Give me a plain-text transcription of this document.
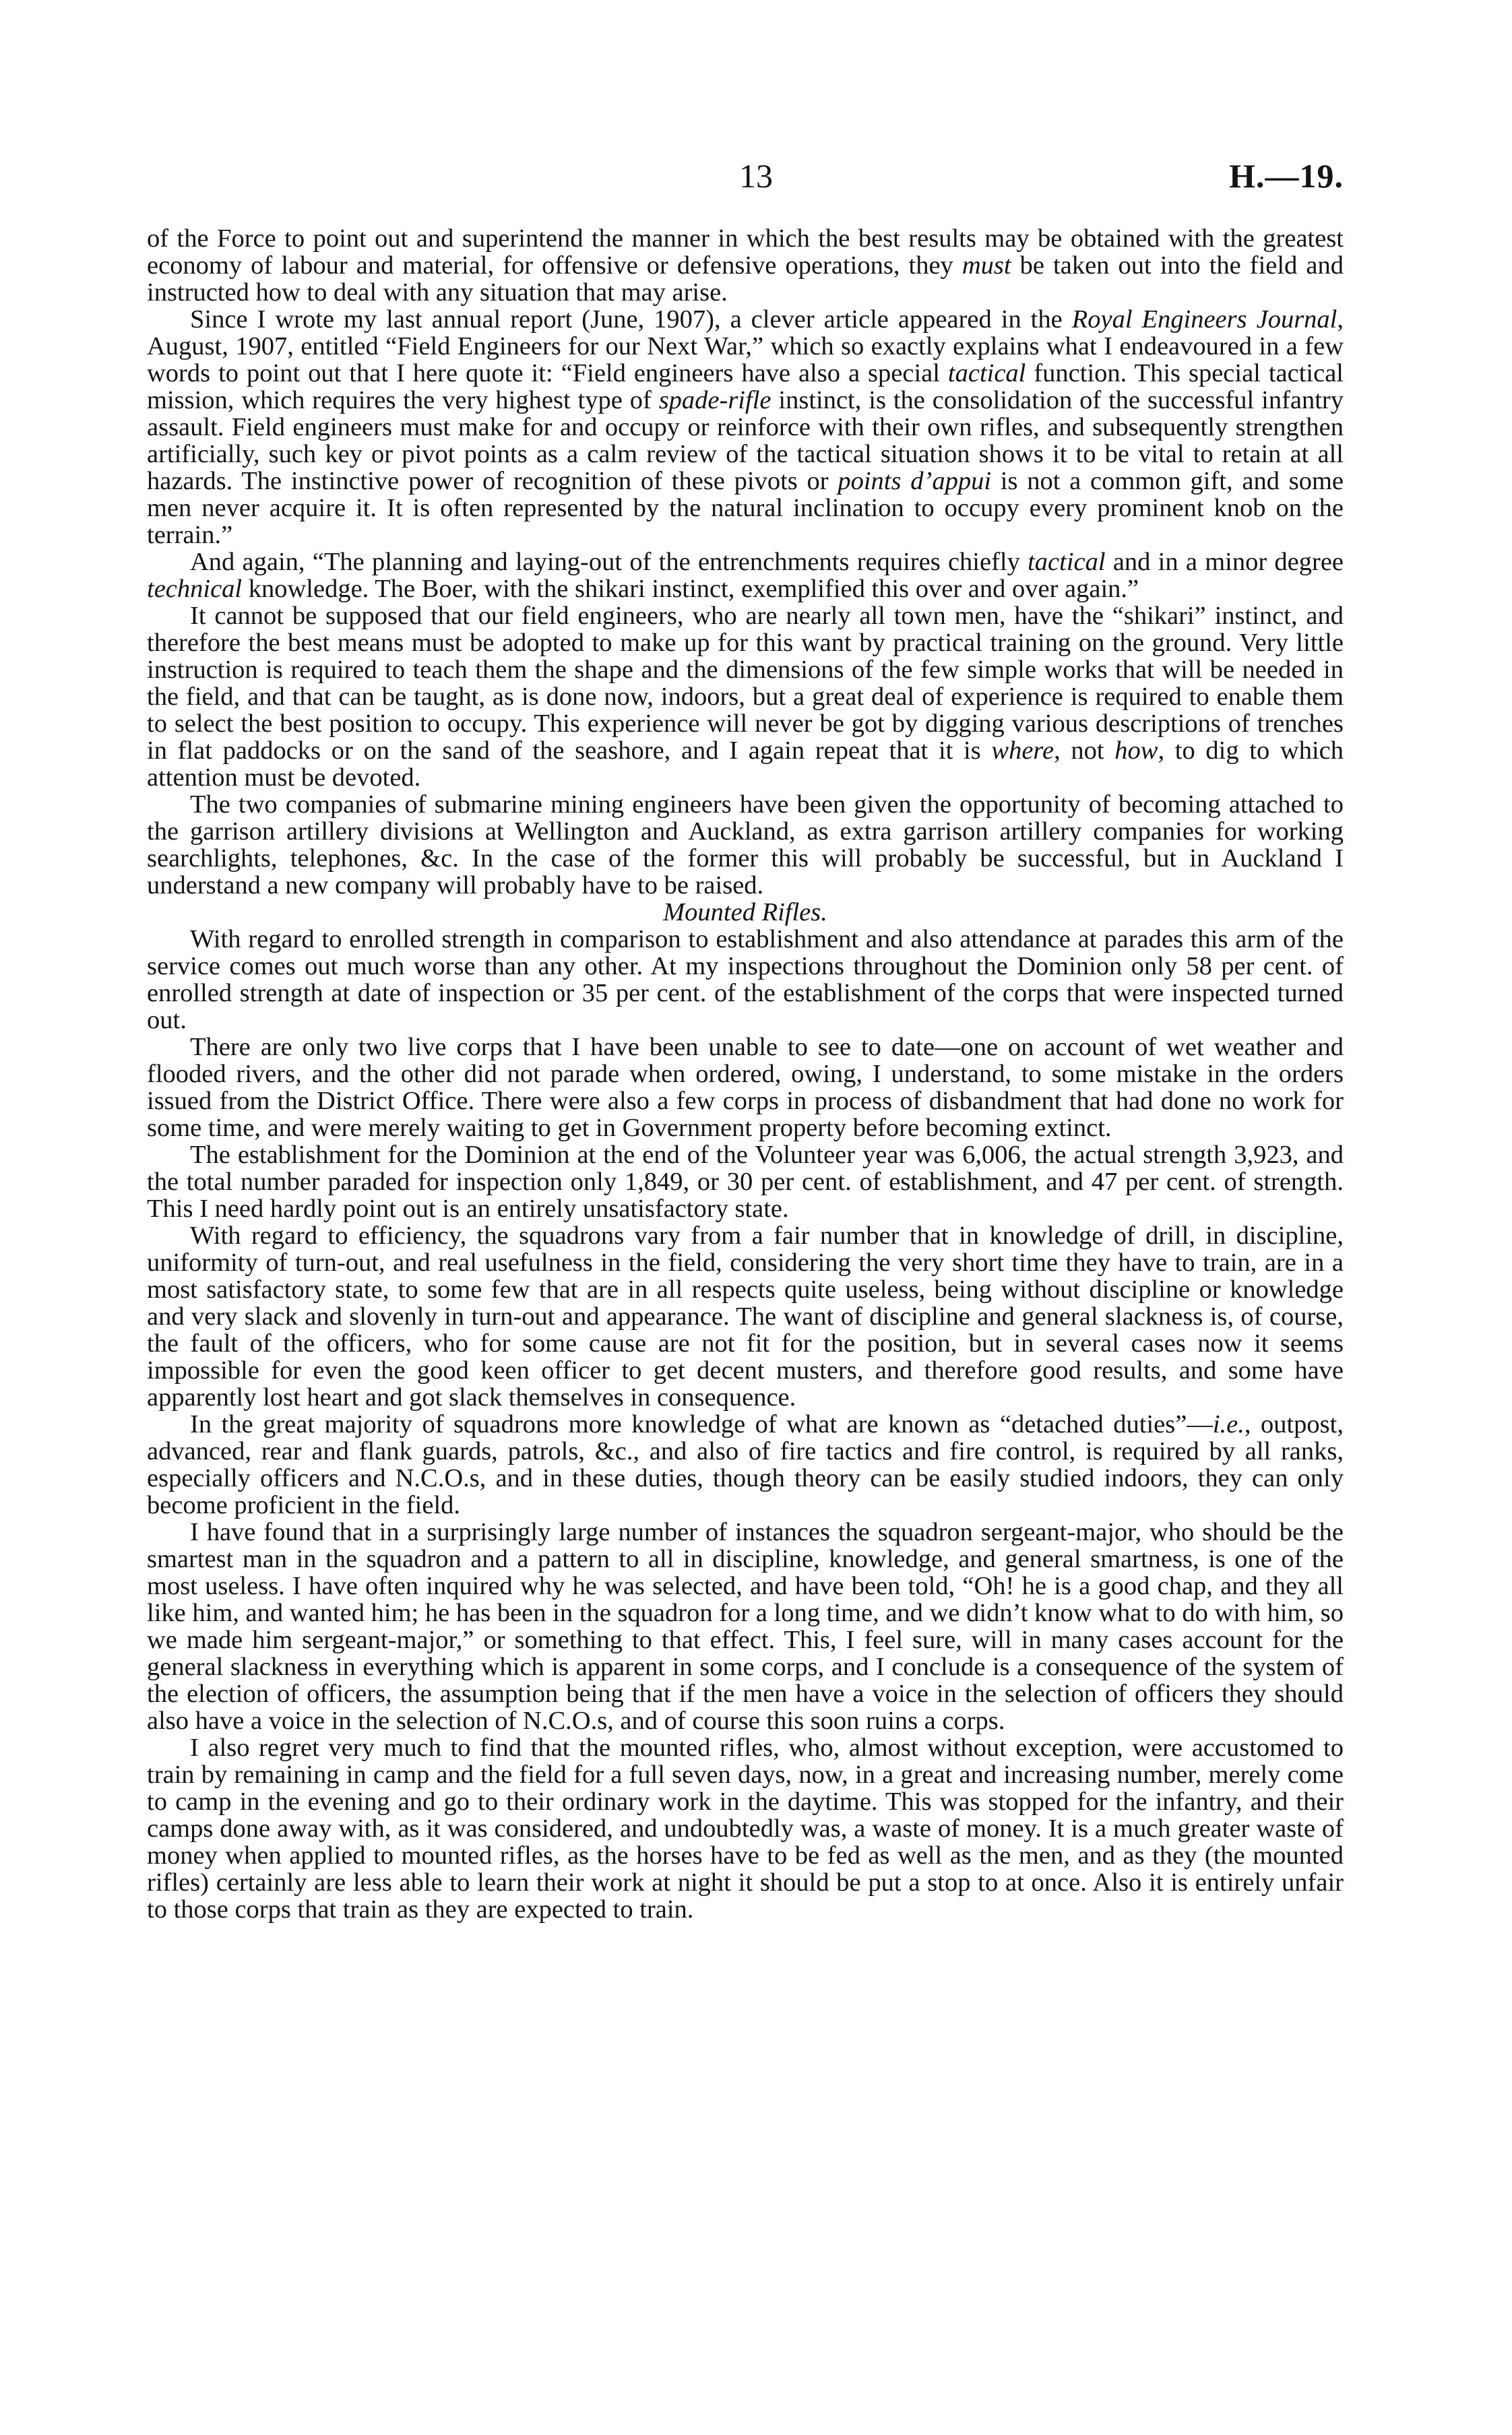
13	H.—19.

of the Force to point out and superintend the manner in which the best results may be obtained with the greatest economy of labour and material, for offensive or defensive operations, they must be taken out into the field and instructed how to deal with any situation that may arise.

Since I wrote my last annual report (June, 1907), a clever article appeared in the Royal Engineers Journal, August, 1907, entitled “Field Engineers for our Next War,” which so exactly explains what I endeavoured in a few words to point out that I here quote it: “Field engineers have also a special tactical function. This special tactical mission, which requires the very highest type of spade-rifle instinct, is the consolidation of the successful infantry assault. Field engineers must make for and occupy or reinforce with their own rifles, and subsequently strengthen artificially, such key or pivot points as a calm review of the tactical situation shows it to be vital to retain at all hazards. The instinctive power of recognition of these pivots or points d’appui is not a common gift, and some men never acquire it. It is often represented by the natural inclination to occupy every prominent knob on the terrain.”

And again, “The planning and laying-out of the entrenchments requires chiefly tactical and in a minor degree technical knowledge. The Boer, with the shikari instinct, exemplified this over and over again.”

It cannot be supposed that our field engineers, who are nearly all town men, have the “shikari” instinct, and therefore the best means must be adopted to make up for this want by practical training on the ground. Very little instruction is required to teach them the shape and the dimensions of the few simple works that will be needed in the field, and that can be taught, as is done now, indoors, but a great deal of experience is required to enable them to select the best position to occupy. This experience will never be got by digging various descriptions of trenches in flat paddocks or on the sand of the seashore, and I again repeat that it is where, not how, to dig to which attention must be devoted.

The two companies of submarine mining engineers have been given the opportunity of becoming attached to the garrison artillery divisions at Wellington and Auckland, as extra garrison artillery companies for working searchlights, telephones, &c. In the case of the former this will probably be successful, but in Auckland I understand a new company will probably have to be raised.

Mounted Rifles.

With regard to enrolled strength in comparison to establishment and also attendance at parades this arm of the service comes out much worse than any other. At my inspections throughout the Dominion only 58 per cent. of enrolled strength at date of inspection or 35 per cent. of the establishment of the corps that were inspected turned out.

There are only two live corps that I have been unable to see to date—one on account of wet weather and flooded rivers, and the other did not parade when ordered, owing, I understand, to some mistake in the orders issued from the District Office. There were also a few corps in process of disbandment that had done no work for some time, and were merely waiting to get in Government property before becoming extinct.

The establishment for the Dominion at the end of the Volunteer year was 6,006, the actual strength 3,923, and the total number paraded for inspection only 1,849, or 30 per cent. of establishment, and 47 per cent. of strength. This I need hardly point out is an entirely unsatisfactory state.

With regard to efficiency, the squadrons vary from a fair number that in knowledge of drill, in discipline, uniformity of turn-out, and real usefulness in the field, considering the very short time they have to train, are in a most satisfactory state, to some few that are in all respects quite useless, being without discipline or knowledge and very slack and slovenly in turn-out and appearance. The want of discipline and general slackness is, of course, the fault of the officers, who for some cause are not fit for the position, but in several cases now it seems impossible for even the good keen officer to get decent musters, and therefore good results, and some have apparently lost heart and got slack themselves in consequence.

In the great majority of squadrons more knowledge of what are known as “detached duties”—i.e., outpost, advanced, rear and flank guards, patrols, &c., and also of fire tactics and fire control, is required by all ranks, especially officers and N.C.O.s, and in these duties, though theory can be easily studied indoors, they can only become proficient in the field.

I have found that in a surprisingly large number of instances the squadron sergeant-major, who should be the smartest man in the squadron and a pattern to all in discipline, knowledge, and general smartness, is one of the most useless. I have often inquired why he was selected, and have been told, “Oh! he is a good chap, and they all like him, and wanted him; he has been in the squadron for a long time, and we didn’t know what to do with him, so we made him sergeant-major,” or something to that effect. This, I feel sure, will in many cases account for the general slackness in everything which is apparent in some corps, and I conclude is a consequence of the system of the election of officers, the assumption being that if the men have a voice in the selection of officers they should also have a voice in the selection of N.C.O.s, and of course this soon ruins a corps.

I also regret very much to find that the mounted rifles, who, almost without exception, were accustomed to train by remaining in camp and the field for a full seven days, now, in a great and increasing number, merely come to camp in the evening and go to their ordinary work in the daytime. This was stopped for the infantry, and their camps done away with, as it was considered, and undoubtedly was, a waste of money. It is a much greater waste of money when applied to mounted rifles, as the horses have to be fed as well as the men, and as they (the mounted rifles) certainly are less able to learn their work at night it should be put a stop to at once. Also it is entirely unfair to those corps that train as they are expected to train.
